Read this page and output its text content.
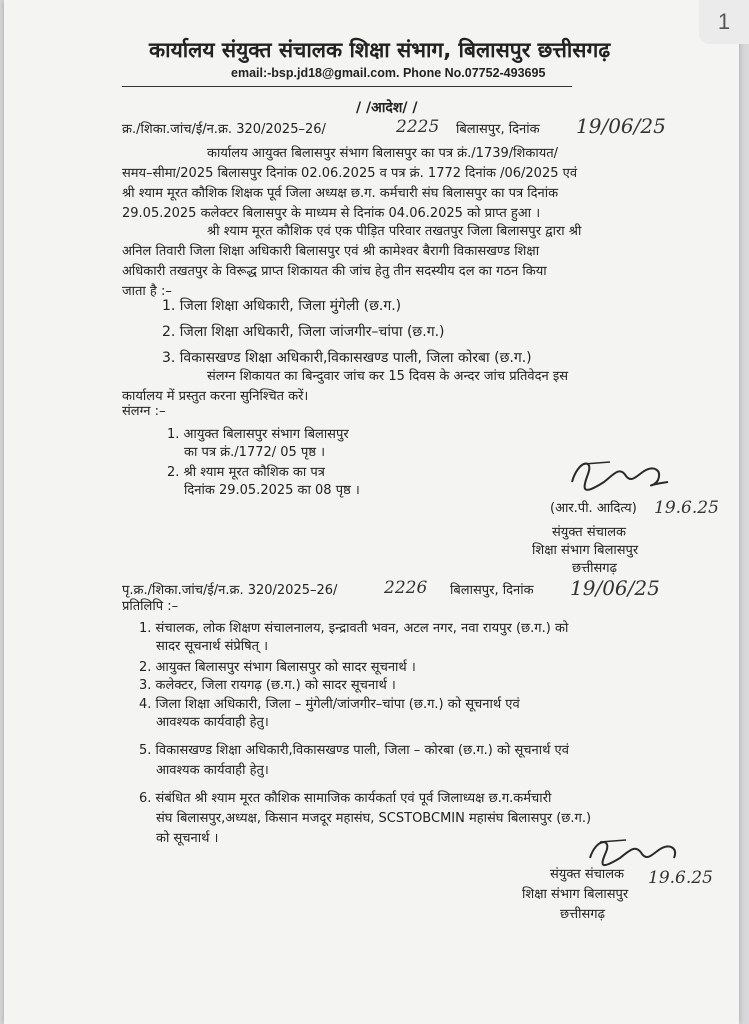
कार्यालय संयुक्त संचालक शिक्षा संभाग, बिलासपुर छत्तीसगढ़
email:-bsp.jd18@gmail.com. Phone No.07752-493695
/ /आदेश/ /
क्र./शिका.जांच/ई/न.क्र. 320/2025–26/	2225 बिलासपुर, दिनांक 19/06/25
कार्यालय आयुक्त बिलासपुर संभाग बिलासपुर का पत्र क्रं./1739/शिकायत/
समय–सीमा/2025 बिलासपुर दिनांक 02.06.2025 व पत्र क्रं. 1772 दिनांक /06/2025 एवं
श्री श्याम मूरत कौशिक शिक्षक पूर्व जिला अध्यक्ष छ.ग. कर्मचारी संघ बिलासपुर का पत्र दिनांक
29.05.2025 कलेक्टर बिलासपुर के माध्यम से दिनांक 04.06.2025 को प्राप्त हुआ ।
श्री श्याम मूरत कौशिक एवं एक पीड़ित परिवार तखतपुर जिला बिलासपुर द्वारा श्री
अनिल तिवारी जिला शिक्षा अधिकारी बिलासपुर एवं श्री कामेश्वर बैरागी विकासखण्ड शिक्षा
अधिकारी तखतपुर के विरूद्ध प्राप्त शिकायत की जांच हेतु तीन सदस्यीय दल का गठन किया
जाता है :–
1. जिला शिक्षा अधिकारी, जिला मुंगेली (छ.ग.)
2. जिला शिक्षा अधिकारी, जिला जांजगीर–चांपा (छ.ग.)
3. विकासखण्ड शिक्षा अधिकारी,विकासखण्ड पाली, जिला कोरबा (छ.ग.)
संलग्न शिकायत का बिन्दुवार जांच कर 15 दिवस के अन्दर जांच प्रतिवेदन इस
कार्यालय में प्रस्तुत करना सुनिश्चित करें।
संलग्न :–
1. आयुक्त बिलासपुर संभाग बिलासपुर
का पत्र क्रं./1772/ 05 पृष्ठ ।
2. श्री श्याम मूरत कौशिक का पत्र
दिनांक 29.05.2025 का 08 पृष्ठ ।
(आर.पी. आदित्य) 19.6.25
संयुक्त संचालक
शिक्षा संभाग बिलासपुर
छत्तीसगढ़
पृ.क्र./शिका.जांच/ई/न.क्र. 320/2025–26/	2226 बिलासपुर, दिनांक 19/06/25
प्रतिलिपि :–
1. संचालक, लोक शिक्षण संचालनालय, इन्द्रावती भवन, अटल नगर, नवा रायपुर (छ.ग.) को
सादर सूचनार्थ संप्रेषित् ।
2. आयुक्त बिलासपुर संभाग बिलासपुर को सादर सूचनार्थ ।
3. कलेक्टर, जिला रायगढ़ (छ.ग.) को सादर सूचनार्थ ।
4. जिला शिक्षा अधिकारी, जिला – मुंगेली/जांजगीर–चांपा (छ.ग.) को सूचनार्थ एवं
आवश्यक कार्यवाही हेतु।
5. विकासखण्ड शिक्षा अधिकारी,विकासखण्ड पाली, जिला – कोरबा (छ.ग.) को सूचनार्थ एवं
आवश्यक कार्यवाही हेतु।
6. संबंधित श्री श्याम मूरत कौशिक सामाजिक कार्यकर्ता एवं पूर्व जिलाध्यक्ष छ.ग.कर्मचारी
संघ बिलासपुर,अध्यक्ष, किसान मजदूर महासंघ, SCSTOBCMIN महासंघ बिलासपुर (छ.ग.)
को सूचनार्थ ।
संयुक्त संचालक 19.6.25
शिक्षा संभाग बिलासपुर
छत्तीसगढ़
1
